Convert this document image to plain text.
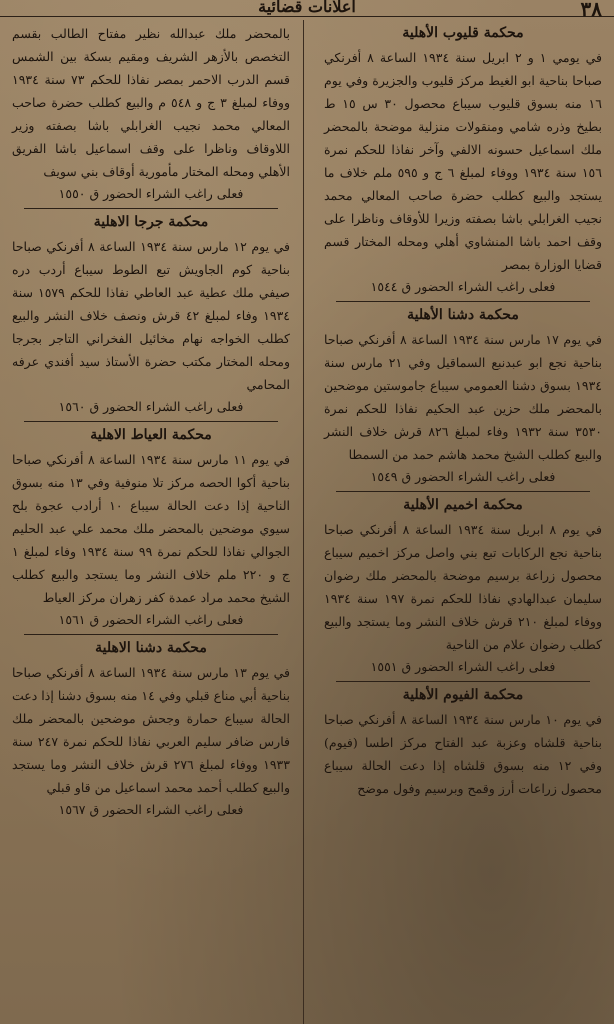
٣٨
اعلانات قضائية
محكمة قليوب الأهلية
في يومي ١ و ٢ ابريل سنة ١٩٣٤ الساعة ٨ أفرنكي صباحا بناحية ابو الغيط مركز قليوب والجزيرة وفي يوم ١٦ منه بسوق قليوب سيباع محصول ٣٠ س ١٥ ط بطيخ وذره شامي ومنقولات منزلية موضحة بالمحضر ملك اسماعيل حسونه الالفي وآخر نفاذا للحكم نمرة ١٥٦ سنة ١٩٣٤ ووفاء لمبلغ ٦ ج و ٥٩٥ ملم خلاف ما يستجد والبيع كطلب حضرة صاحب المعالي محمد نجيب الغرابلي باشا بصفته وزيرا للأوقاف وناظرا على وقف احمد باشا المنشاوي أهلي ومحله المختار قسم قضايا الوزارة بمصر
فعلى راغب الشراء الحضور ق ١٥٤٤
محكمة دشنا الأهلية
في يوم ١٧ مارس سنة ١٩٣٤ الساعة ٨ أفرنكي صباحا بناحية نجع ابو عبدنبع السماقيل وفي ٢١ مارس سنة ١٩٣٤ بسوق دشنا العمومي سيباع جاموستين موضحين بالمحضر ملك حزين عبد الحكيم نفاذا للحكم نمرة ٣٥٣٠ سنة ١٩٣٢ وفاء لمبلغ ٨٢٦ قرش خلاف النشر والبيع كطلب الشيخ محمد هاشم حمد من السمطا
فعلى راغب الشراء الحضور ق ١٥٤٩
محكمة اخميم الأهلية
في يوم ٨ ابريل سنة ١٩٣٤ الساعة ٨ أفرنكي صباحا بناحية نجع الركابات تبع بني واصل مركز اخميم سيباع محصول زراعة برسيم موضحة بالمحضر ملك رضوان سليمان عبدالهادي نفاذا للحكم نمرة ١٩٧ سنة ١٩٣٤ ووفاء لمبلغ ٢١٠ قرش خلاف النشر وما يستجد والبيع كطلب رضوان علام من الناحية
فعلى راغب الشراء الحضور ق ١٥٥١
محكمة الفيوم الأهلية
في يوم ١٠ مارس سنة ١٩٣٤ الساعة ٨ أفرنكي صباحا بناحية قلشاه وعزبة عبد الفتاح مركز اطسا (فيوم) وفي ١٢ منه بسوق قلشاه إذا دعت الحالة سيباع محصول زراعات أرز وقمح وبرسيم وفول موضح
بالمحضر ملك عبدالله نظير مفتاح الطالب بقسم التخصص بالأزهر الشريف ومقيم بسكة بين الشمس قسم الدرب الاحمر بمصر نفاذا للحكم ٧٣ سنة ١٩٣٤ ووفاء لمبلغ ٣ ج و ٥٤٨ م والبيع كطلب حضرة صاحب المعالي محمد نجيب الغرابلي باشا بصفته وزير اللاوقاف وناظرا على وقف اسماعيل باشا الفريق الأهلي ومحله المختار مأمورية أوقاف بني سويف
فعلى راغب الشراء الحضور ق ١٥٥٠
محكمة جرجا الاهلية
في يوم ١٢ مارس سنة ١٩٣٤ الساعة ٨ أفرنكي صباحا بناحية كوم الجاويش تبع الطوط سيباع أردب دره صيفي ملك عطية عبد العاطي نفاذا للحكم ١٥٧٩ سنة ١٩٣٤ وفاء لمبلغ ٤٢ قرش ونصف خلاف النشر والبيع كطلب الخواجه نهام مخائيل الفخراني التاجر بجرجا ومحله المختار مكتب حضرة الأستاذ سيد أفندي عرفه المحامي
فعلى راغب الشراء الحضور ق ١٥٦٠
محكمة العياط الاهلية
في يوم ١١ مارس سنة ١٩٣٤ الساعة ٨ أفرنكي صباحا بناحية أكوا الحصه مركز تلا منوفية وفي ١٣ منه بسوق الناحية إذا دعت الحالة سيباع ١٠ أرادب عجوة بلح سيوي موضحين بالمحضر ملك محمد علي عبد الحليم الجوالي نفاذا للحكم نمرة ٩٩ سنة ١٩٣٤ وفاء لمبلغ ١ ج و ٢٢٠ ملم خلاف النشر وما يستجد والبيع كطلب الشيخ محمد مراد عمدة كفر زهران مركز العياط
فعلى راغب الشراء الحضور ق ١٥٦١
محكمة دشنا الاهلية
في يوم ١٣ مارس سنة ١٩٣٤ الساعة ٨ أفرنكي صباحا بناحية أبي مناع قبلي وفي ١٤ منه بسوق دشنا إذا دعت الحالة سيباع حمارة وجحش موضحين بالمحضر ملك فارس ضافر سليم العربي نفاذا للحكم نمرة ٢٤٧ سنة ١٩٣٣ ووفاء لمبلغ ٢٧٦ قرش خلاف النشر وما يستجد والبيع كطلب أحمد محمد اسماعيل من قاو قبلي
فعلى راغب الشراء الحضور ق ١٥٦٧
